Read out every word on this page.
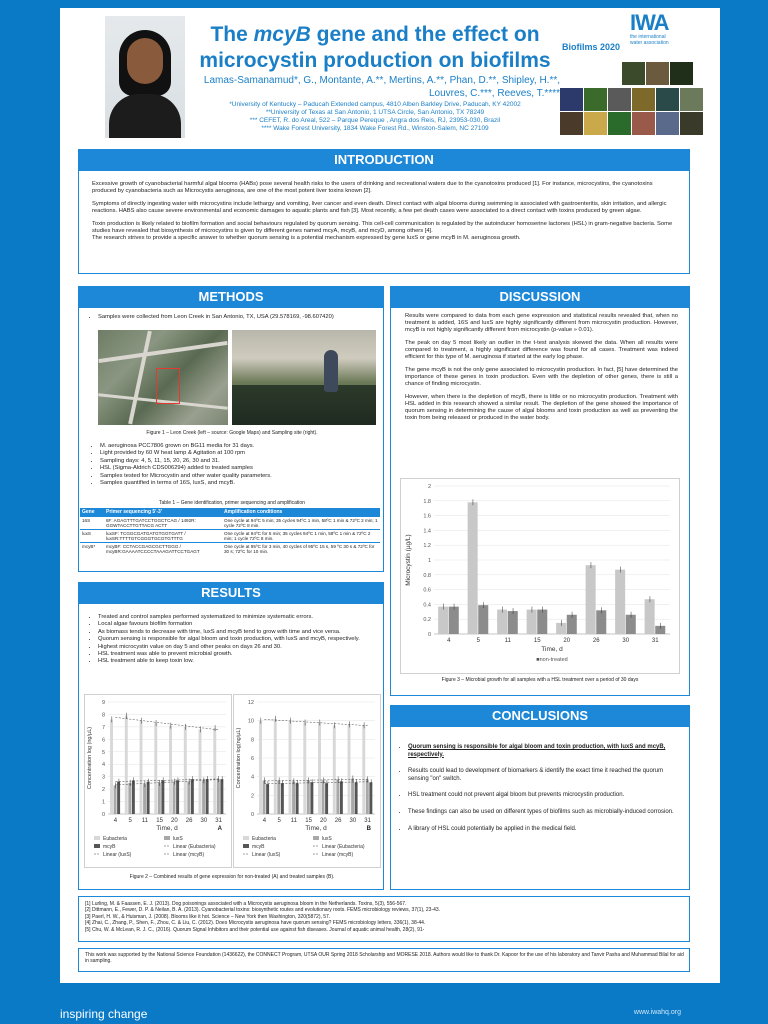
The mcyB gene and the effect on microcystin production on biofilms
Lamas-Samanamud*, G., Montante, A.**, Mertins, A.**, Phan, D.**, Shipley, H.**,
Louvres, C.***, Reeves, T.****
*University of Kentucky – Paducah Extended campus, 4810 Alben Barkley Drive, Paducah, KY 42002
**University of Texas at San Antonio, 1 UTSA Circle, San Antonio, TX 78249
*** CEFET, R. do Areal, 522 – Parque Pereque , Angra dos Reis, RJ, 23953-030, Brazil
**** Wake Forest University, 1834 Wake Forest Rd., Winston-Salem, NC 27109
IWA
the international
water association
Biofilms 2020
INTRODUCTION

Excessive growth of cyanobacterial harmful algal blooms (HABs) pose several health risks to the users of drinking and recreational waters due to the cyanotoxins produced [1]. For instance, microcystins, the cyanotoxins produced by cyanobacteria such as Microcystis aeruginosa, are one of the most potent liver toxins known [2].

Symptoms of directly ingesting water with microcystins include lethargy and vomiting, liver cancer and even death. Direct contact with algal blooms during swimming is associated with gastroenteritis, skin irritation, and allergic reactions. HABS also cause severe environmental and economic damages to aquatic plants and fish [3]. Most recently, a few pet death cases were associated to a direct contact with toxins produced by green algae.

Toxin production is likely related to biofilm formation and social behaviours regulated by quorum sensing. This cell-cell communication is regulated by the autoinducer homoserine lactones (HSL) in gram-negative bacteria. Some studies have revealed that biosynthesis of microcystins is given by different genes named mcyA, mcyB, and mcyD, among others [4].
The research strives to provide a specific answer to whether quorum sensing is a potential mechanism expressed by gene luxS or gene mcyB in M. aeruginosa growth.
METHODS
• Samples were collected from Leon Creek in San Antonio, TX, USA (29.578169, -98.607420)
Figure 1 – Leon Creek (left – source: Google Maps) and Sampling site (right).
• M. aeruginosa PCC7806 grown on BG11 media for 31 days.
• Light provided by 60 W heat lamp & Agitation at 100 rpm
• Sampling days: 4, 5, 11, 15, 20, 26, 30 and 31.
• HSL (Sigma-Aldrich CDS006294) added to treated samples
• Samples tested for Microcystin and other water quality parameters.
• Samples quantified in terms of 16S, luxS, and mcyB.
Table 1 – Gene identification, primer sequencing and amplification
Gene	Primer sequencing 5'-3'	Amplification conditions
16S	8F: AGAGTTTGATCCTGGCTCAG / 1492R: GGWTACCTTGTTACG ACTT	One cycle at 94ºC 5 min; 35 cycles 94ºC 1 min, 58ºC 1 min & 72ºC 2 min; 1 cycle 72ºC 8 min.
luxS	luxSF: TCGGCGATGATGTGGTGATT / luxSR:TTTTGTCGGGTGCGTGTTTG	One cycle at 94ºC for 5 min; 35 cycles 94ºC 1 min, 58ºC 1 min & 72ºC 2 min; 1 cycle 72ºC 8 min.
mcyB*	mcyBF: CCTACCGAGCGCTTGGG / mcyBR:GAAAATCCCCTAAAGATTCCTGAGT	One cycle at 95ºC for 3 min, 40 cycles of 95ºC 15 s, 59 ºC 30 s & 72ºC for 30 s; 72ºC for 10 min.
RESULTS
• Treated and control samples performed systematized to minimize systematic errors.
• Local algae favours biofilm formation
• As biomass tends to decrease with time, luxS and mcyB tend to grow with time and vice versa.
• Quorum sensing is responsible for algal bloom and toxin production, with luxS and mcyB, respectively.
• Highest microcystin value on day 5 and other peaks on days 26 and 30.
• HSL treatment was able to prevent microbial growth.
• HSL treatment able to keep toxin low.
0
1
2
3
4
5
6
7
8
9
4 5 11 15 20 26 30 31
Time, d
Concentration log (ng/µL)
A
Eubacteria	luxS
mcyB	Linear (Eubacteria)
Linear (luxS)	Linear (mcyB)
0
2
4
6
8
10
12
4 5 11 15 20 26 30 31
Time, d
Concentration log(ng/µL)
B
Eubacteria	luxS
mcyB	Linear (Eubacteria)
Linear (luxS)	Linear (mcyB)
Figure 2 – Combined results of gene expression for non-treated (A) and treated samples (B).
DISCUSSION

Results were compared to data from each gene expression and statistical results revealed that, when no treatment is added, 16S and luxS are highly significantly different from microcystin production. However, mcyB is not highly significantly different from microcystin (p-value » 0.01).

The peak on day 5 most likely an outlier in the t-test analysis skewed the data. When all results were compared to treatment, a highly significant difference was found for all cases. Treatment was indeed efficient for this type of M. aeruginosa if started at the early log phase.

The gene mcyB is not the only gene associated to microcystin production. In fact, [5] have determined the importance of these genes in toxin production. Even with the depletion of other genes, there is still a chance of finding microcystin.

However, when there is the depletion of mcyB, there is little or no microcystin production. Treatment with HSL added in this research showed a similar result. The depletion of the gene showed the importance of quorum sensing in determining the cause of algal blooms and toxin production as well as preventing the toxin from being released or produced in the water body.

0
0.2
0.4
0.6
0.8
1
1.2
1.4
1.6
1.8
2
4	5	11	15	20	26	30	31
Time, d
Microcystin (µg/L)
■non-treated
Figure 3 – Microbial growth for all samples with a HSL treatment over a period of 30 days
CONCLUSIONS
• Quorum sensing is responsible for algal bloom and toxin production, with luxS and mcyB, respectively.
• Results could lead to development of biomarkers & identify the exact time it reached the quorum sensing "on" switch.
• HSL treatment could not prevent algal bloom but prevents microcystin production.
• These findings can also be used on different types of biofilms such as microbially-induced corrosion.
• A library of HSL could potentially be applied in the medical field.
[1] Lurling, M. & Faassen, E. J. (2013). Dog poisonings associated with a Microcystis aeruginosa bloom in the Netherlands. Toxins, 5(3), 556-567.
[2] Dittmann, E., Fewer, D. P. & Neilan, B. A. (2013). Cyanobacterial toxins: biosynthetic routes and evolutionary roots. FEMS microbiology reviews, 37(1), 23-43.
[3] Paerl, H. W., & Huisman, J. (2008). Blooms like it hot. Science – New York then Washington, 320(5872), 57.
[4] Zhai, C., Zhang, P., Shen, F., Zhou, C. & Liu, C. (2012). Does Microcystis aeruginosa have quorum sensing? FEMS microbiology letters, 336(1), 38-44.
[5] Chu, W. & McLean, R. J. C., (2016). Quorum Signal Inhibitors and their potential use against fish diseases. Journal of aquatic animal health, 28(2), 91-
This work was supported by the National Science Foundation (1436622), the CONNECT Program, UTSA OUR Spring 2018 Scholarship and MORESE 2018. Authors would like to thank Dr. Kapoor for the use of his laboratory and Tanvir Pasha and Muhammad Bilal for aid in sampling.
inspiring change	www.iwahq.org
